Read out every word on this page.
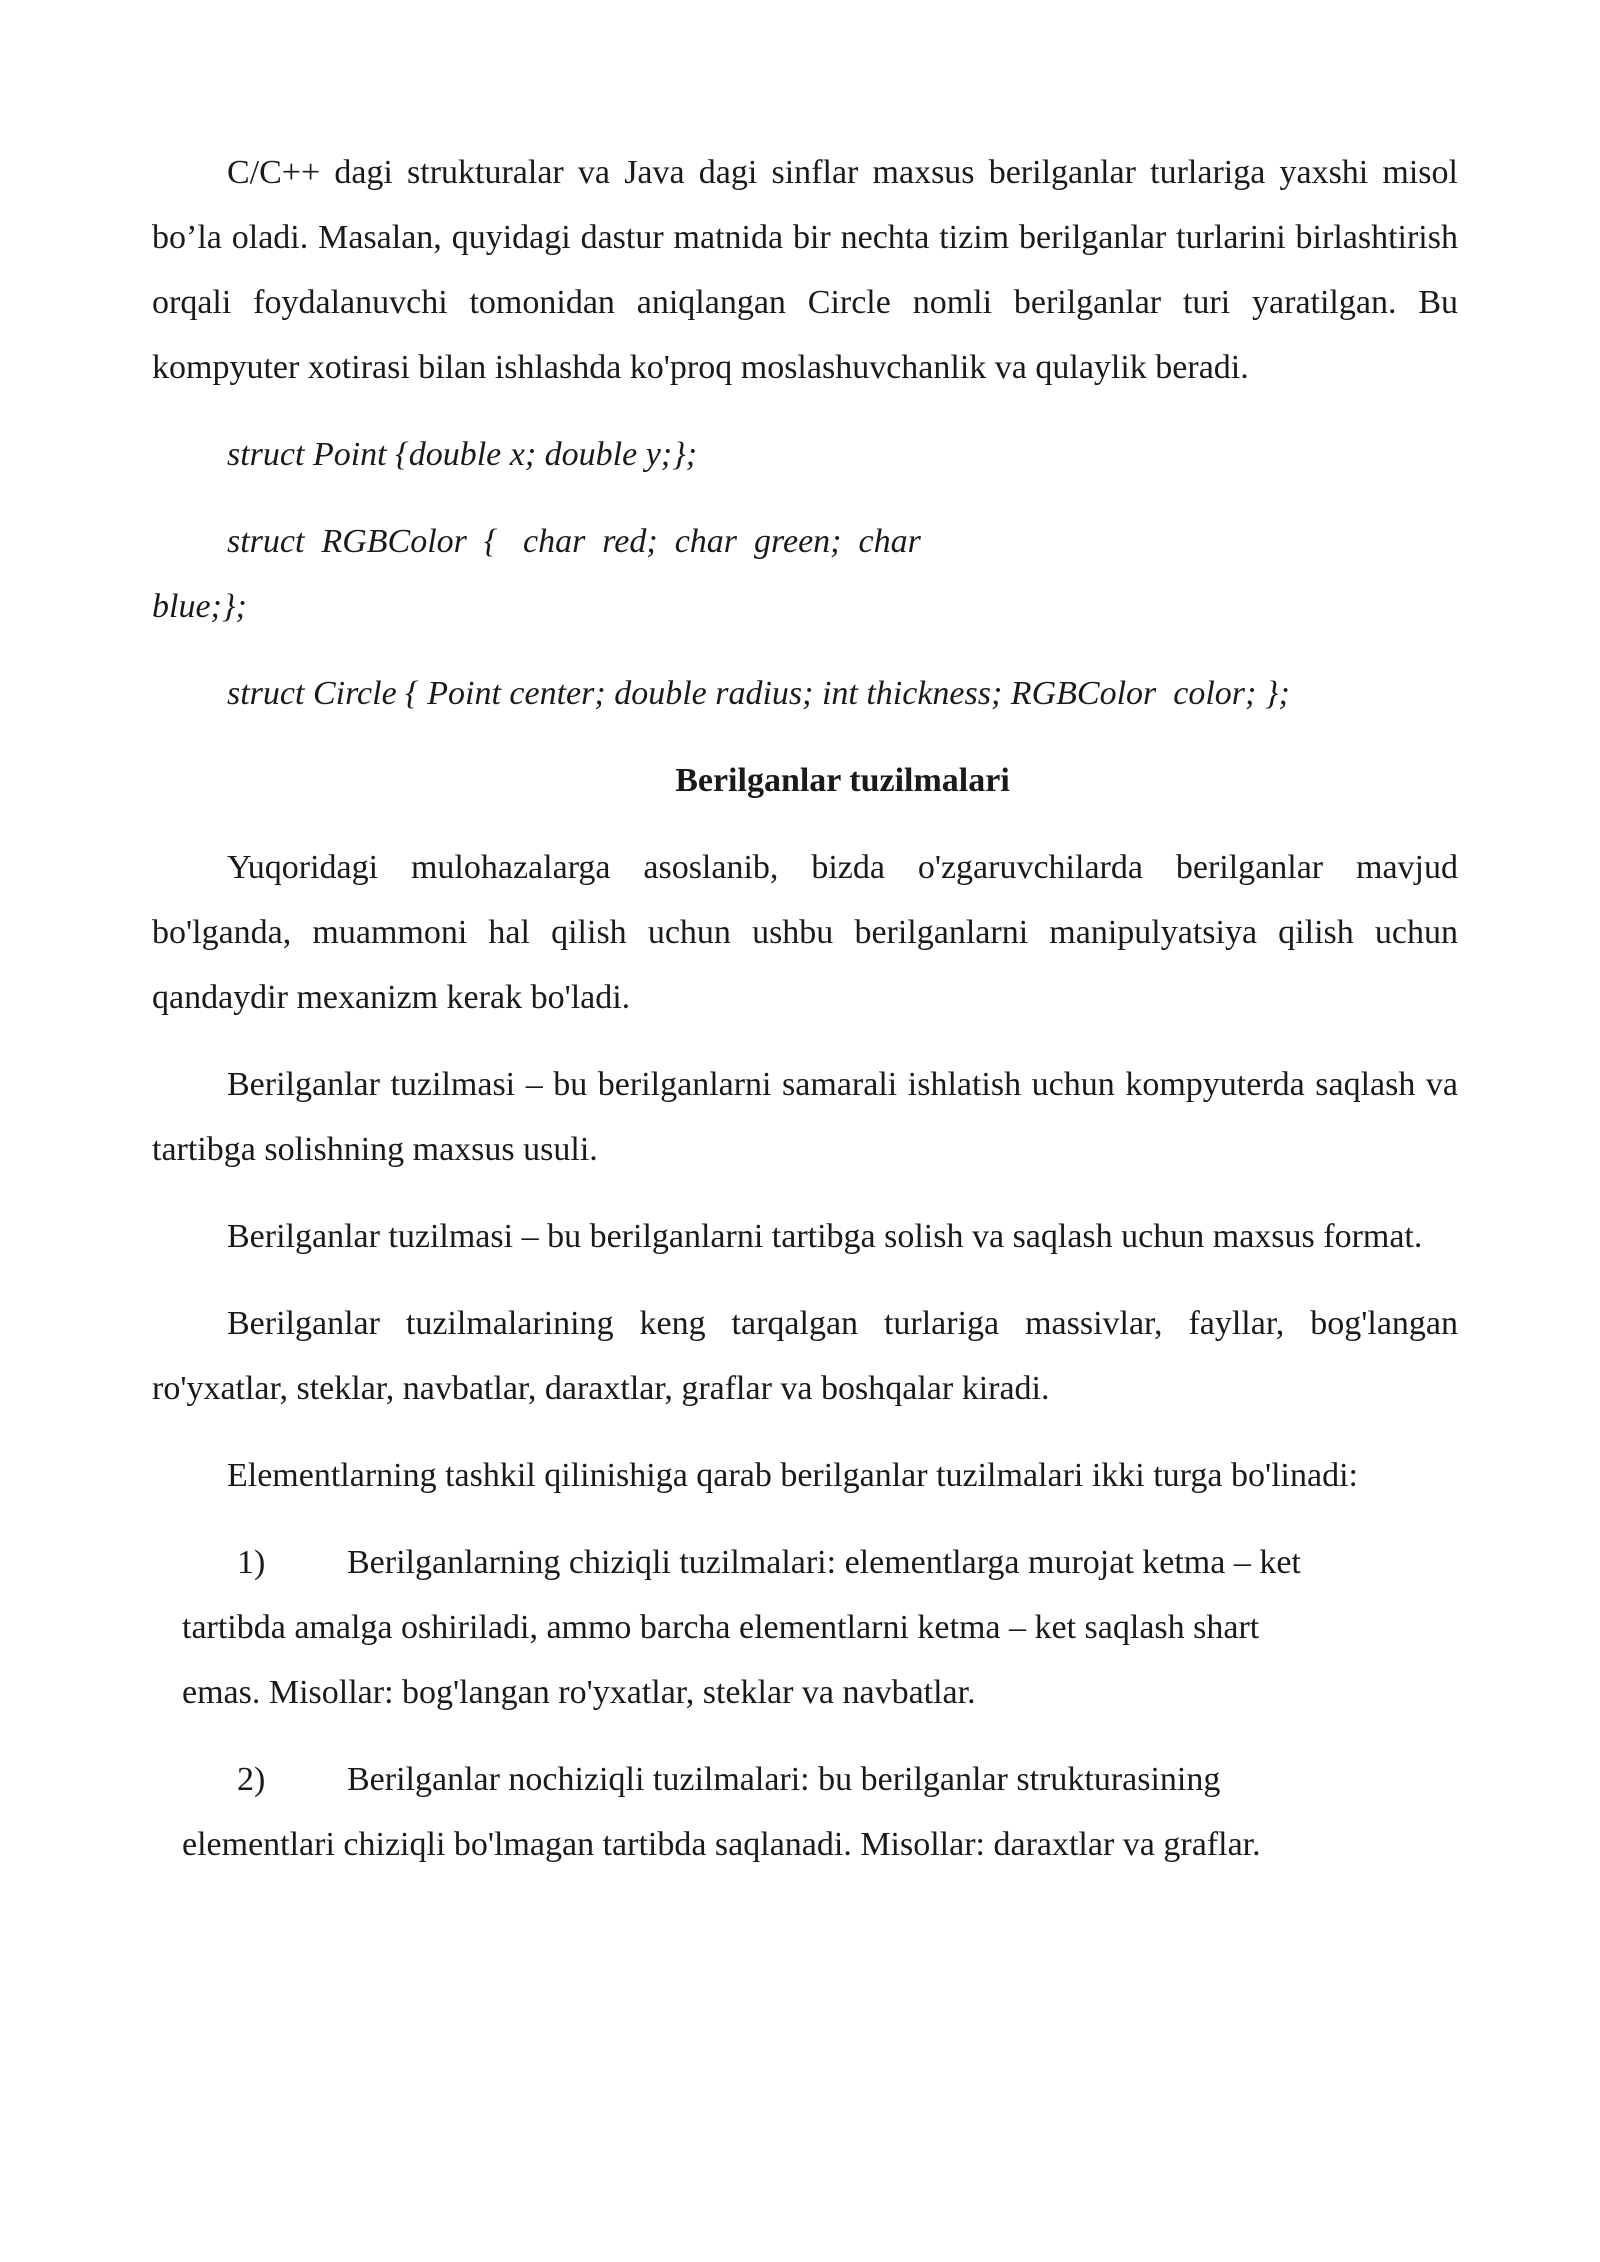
C/C++ dagi strukturalar va Java dagi sinflar maxsus berilganlar turlariga yaxshi misol bo’la oladi. Masalan, quyidagi dastur matnida bir nechta tizim berilganlar turlarini birlashtirish orqali foydalanuvchi tomonidan aniqlangan Circle nomli berilganlar turi yaratilgan. Bu kompyuter xotirasi bilan ishlashda ko'proq moslashuvchanlik va qulaylik beradi.

struct Point {double x; double y;};

struct  RGBColor  {   char  red;  char  green;  char

blue;};

struct Circle { Point center; double radius; int thickness; RGBColor  color; };

Berilganlar tuzilmalari

Yuqoridagi mulohazalarga asoslanib, bizda o'zgaruvchilarda berilganlar mavjud bo'lganda, muammoni hal qilish uchun ushbu berilganlarni manipulyatsiya qilish uchun qandaydir mexanizm kerak bo'ladi.

Berilganlar tuzilmasi – bu berilganlarni samarali ishlatish uchun kompyuterda saqlash va tartibga solishning maxsus usuli.

Berilganlar tuzilmasi – bu berilganlarni tartibga solish va saqlash uchun maxsus format.

Berilganlar tuzilmalarining keng tarqalgan turlariga massivlar, fayllar, bog'langan ro'yxatlar, steklar, navbatlar, daraxtlar, graflar va boshqalar kiradi.

Elementlarning tashkil qilinishiga qarab berilganlar tuzilmalari ikki turga bo'linadi:

1) Berilganlarning chiziqli tuzilmalari: elementlarga murojat ketma – ket
tartibda amalga oshiriladi, ammo barcha elementlarni ketma – ket saqlash shart
emas. Misollar: bog'langan ro'yxatlar, steklar va navbatlar.
2) Berilganlar nochiziqli tuzilmalari: bu berilganlar strukturasining
elementlari chiziqli bo'lmagan tartibda saqlanadi. Misollar: daraxtlar va graflar.
